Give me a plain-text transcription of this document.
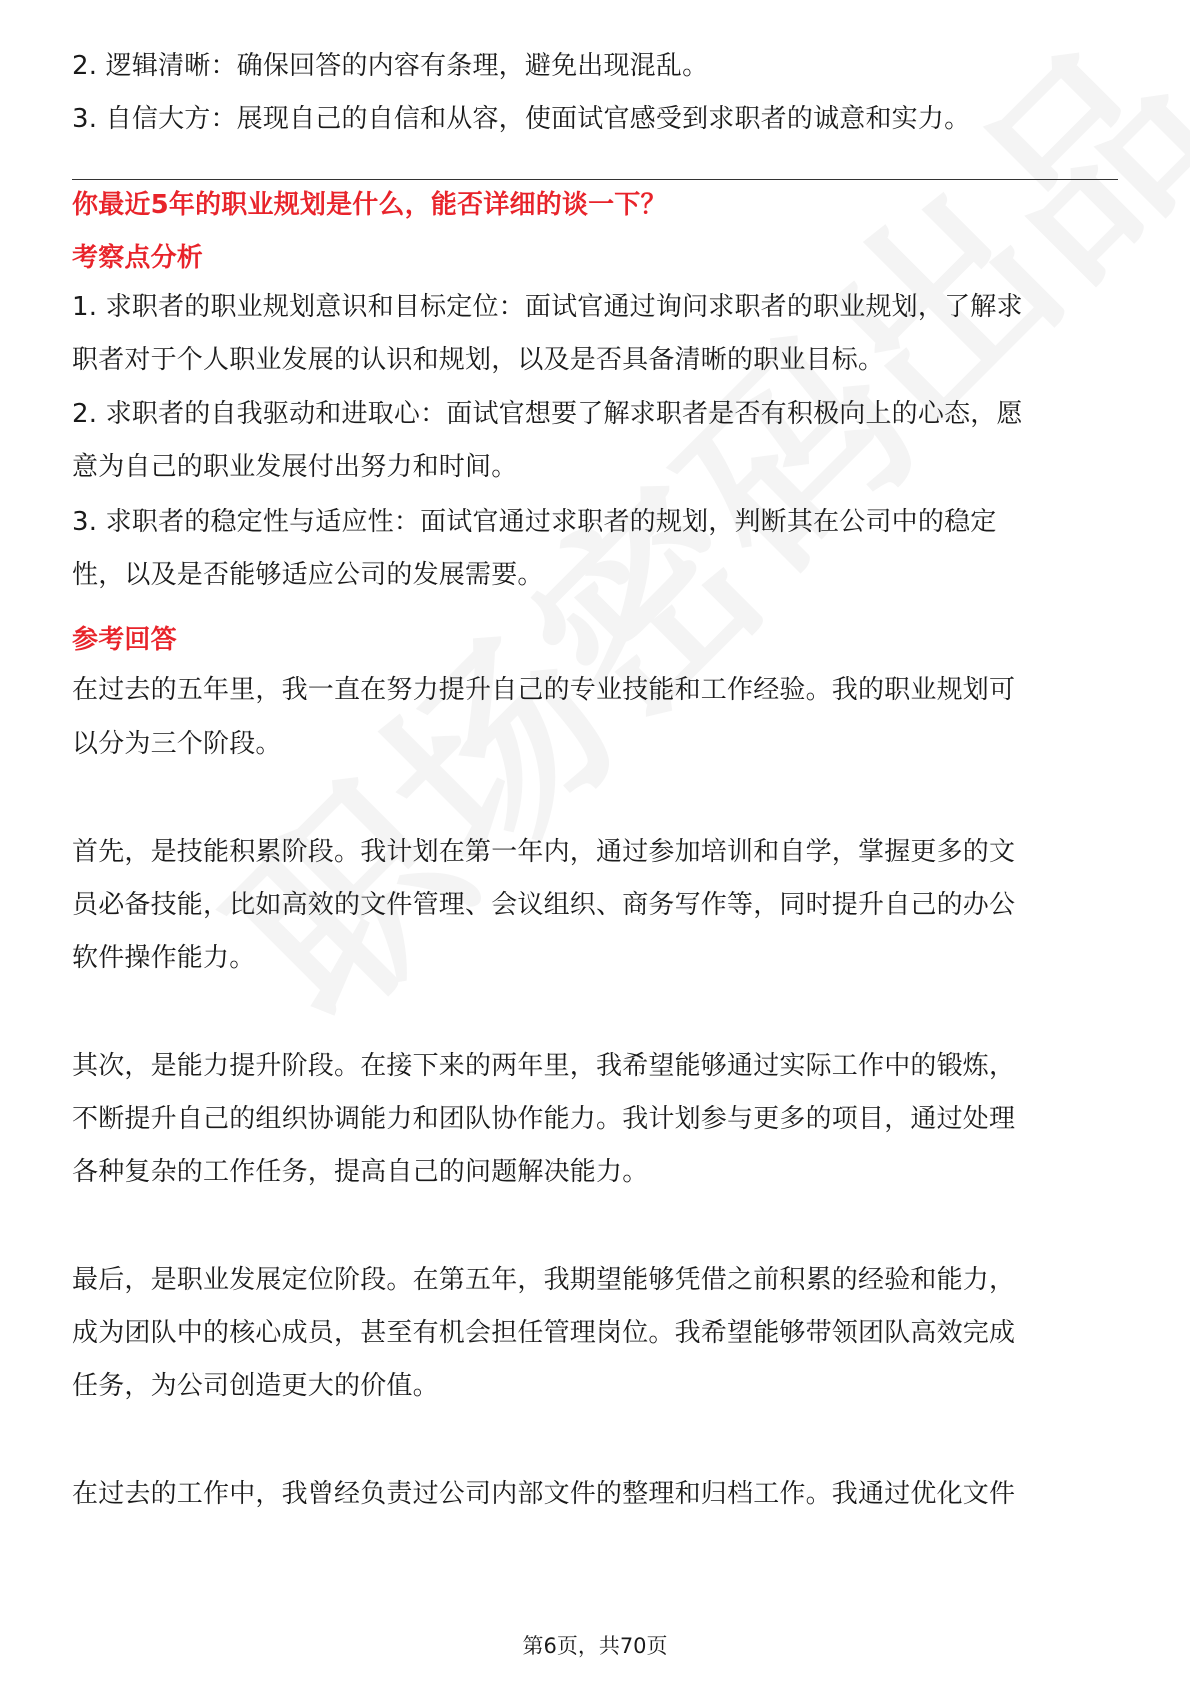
2. 逻辑清晰：确保回答的内容有条理，避免出现混乱。
3. 自信大方：展现自己的自信和从容，使面试官感受到求职者的诚意和实力。
你最近5年的职业规划是什么，能否详细的谈一下？
考察点分析
1. 求职者的职业规划意识和目标定位：面试官通过询问求职者的职业规划，了解求
职者对于个人职业发展的认识和规划，以及是否具备清晰的职业目标。
2. 求职者的自我驱动和进取心：面试官想要了解求职者是否有积极向上的心态，愿
意为自己的职业发展付出努力和时间。
3. 求职者的稳定性与适应性：面试官通过求职者的规划，判断其在公司中的稳定
性，以及是否能够适应公司的发展需要。
参考回答
在过去的五年里，我一直在努力提升自己的专业技能和工作经验。我的职业规划可
以分为三个阶段。
首先，是技能积累阶段。我计划在第一年内，通过参加培训和自学，掌握更多的文
员必备技能，比如高效的文件管理、会议组织、商务写作等，同时提升自己的办公
软件操作能力。
其次，是能力提升阶段。在接下来的两年里，我希望能够通过实际工作中的锻炼，
不断提升自己的组织协调能力和团队协作能力。我计划参与更多的项目，通过处理
各种复杂的工作任务，提高自己的问题解决能力。
最后，是职业发展定位阶段。在第五年，我期望能够凭借之前积累的经验和能力，
成为团队中的核心成员，甚至有机会担任管理岗位。我希望能够带领团队高效完成
任务，为公司创造更大的价值。
在过去的工作中，我曾经负责过公司内部文件的整理和归档工作。我通过优化文件
第6页，共70页
